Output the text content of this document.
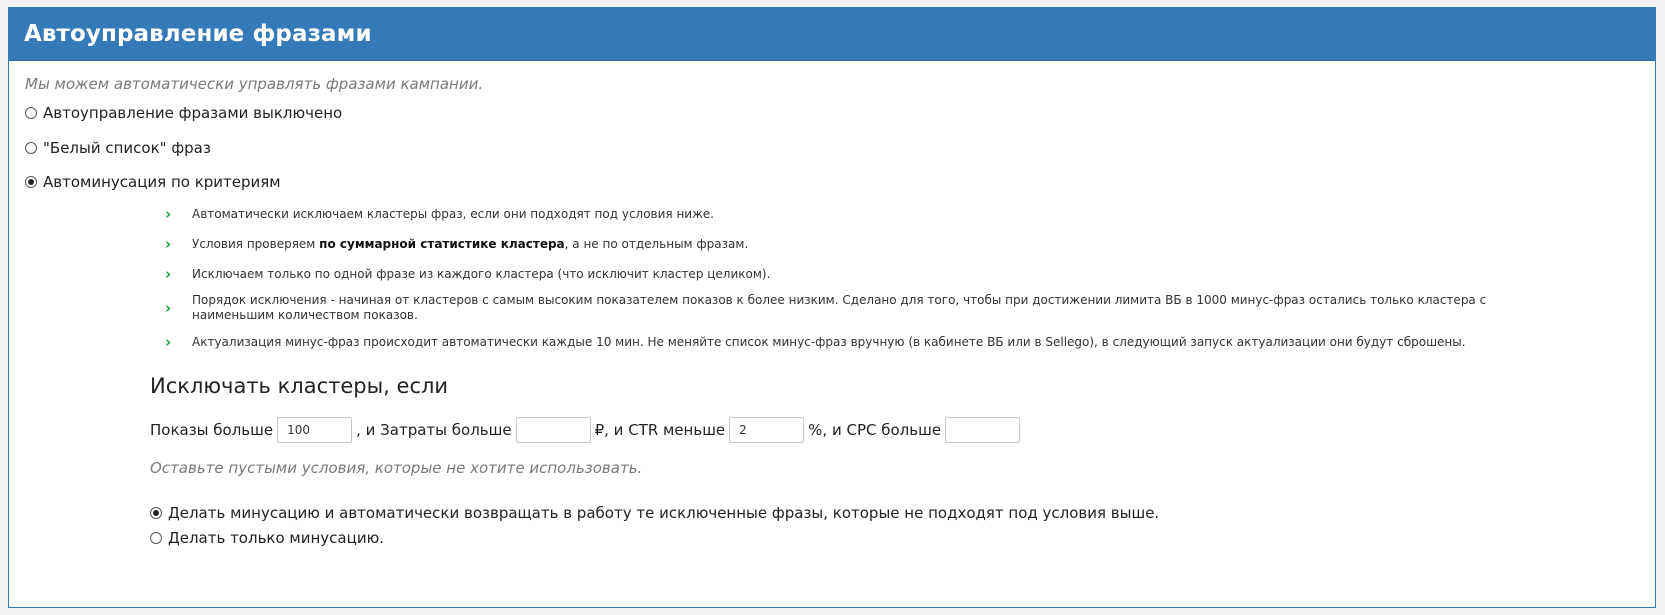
Автоуправление фразами
Мы можем автоматически управлять фразами кампании.
Автоуправление фразами выключено
"Белый список" фраз
Автоминусация по критериям
›	Автоматически исключаем кластеры фраз, если они подходят под условия ниже.
›	Условия проверяем по суммарной статистике кластера, а не по отдельным фразам.
›	Исключаем только по одной фразе из каждого кластера (что исключит кластер целиком).
›	Порядок исключения - начиная от кластеров с самым высоким показателем показов к более низким. Сделано для того, чтобы при достижении лимита ВБ в 1000 минус-фраз остались только кластера с наименьшим количеством показов.
›	Актуализация минус-фраз происходит автоматически каждые 10 мин. Не меняйте список минус-фраз вручную (в кабинете ВБ или в Sellego), в следующий запуск актуализации они будут сброшены.
Исключать кластеры, если
Показы больше
100	, и Затраты больше	₽, и CTR меньше
2	%, и CPC больше
Оставьте пустыми условия, которые не хотите использовать.
Делать минусацию и автоматически возвращать в работу те исключенные фразы, которые не подходят под условия выше.
Делать только минусацию.
